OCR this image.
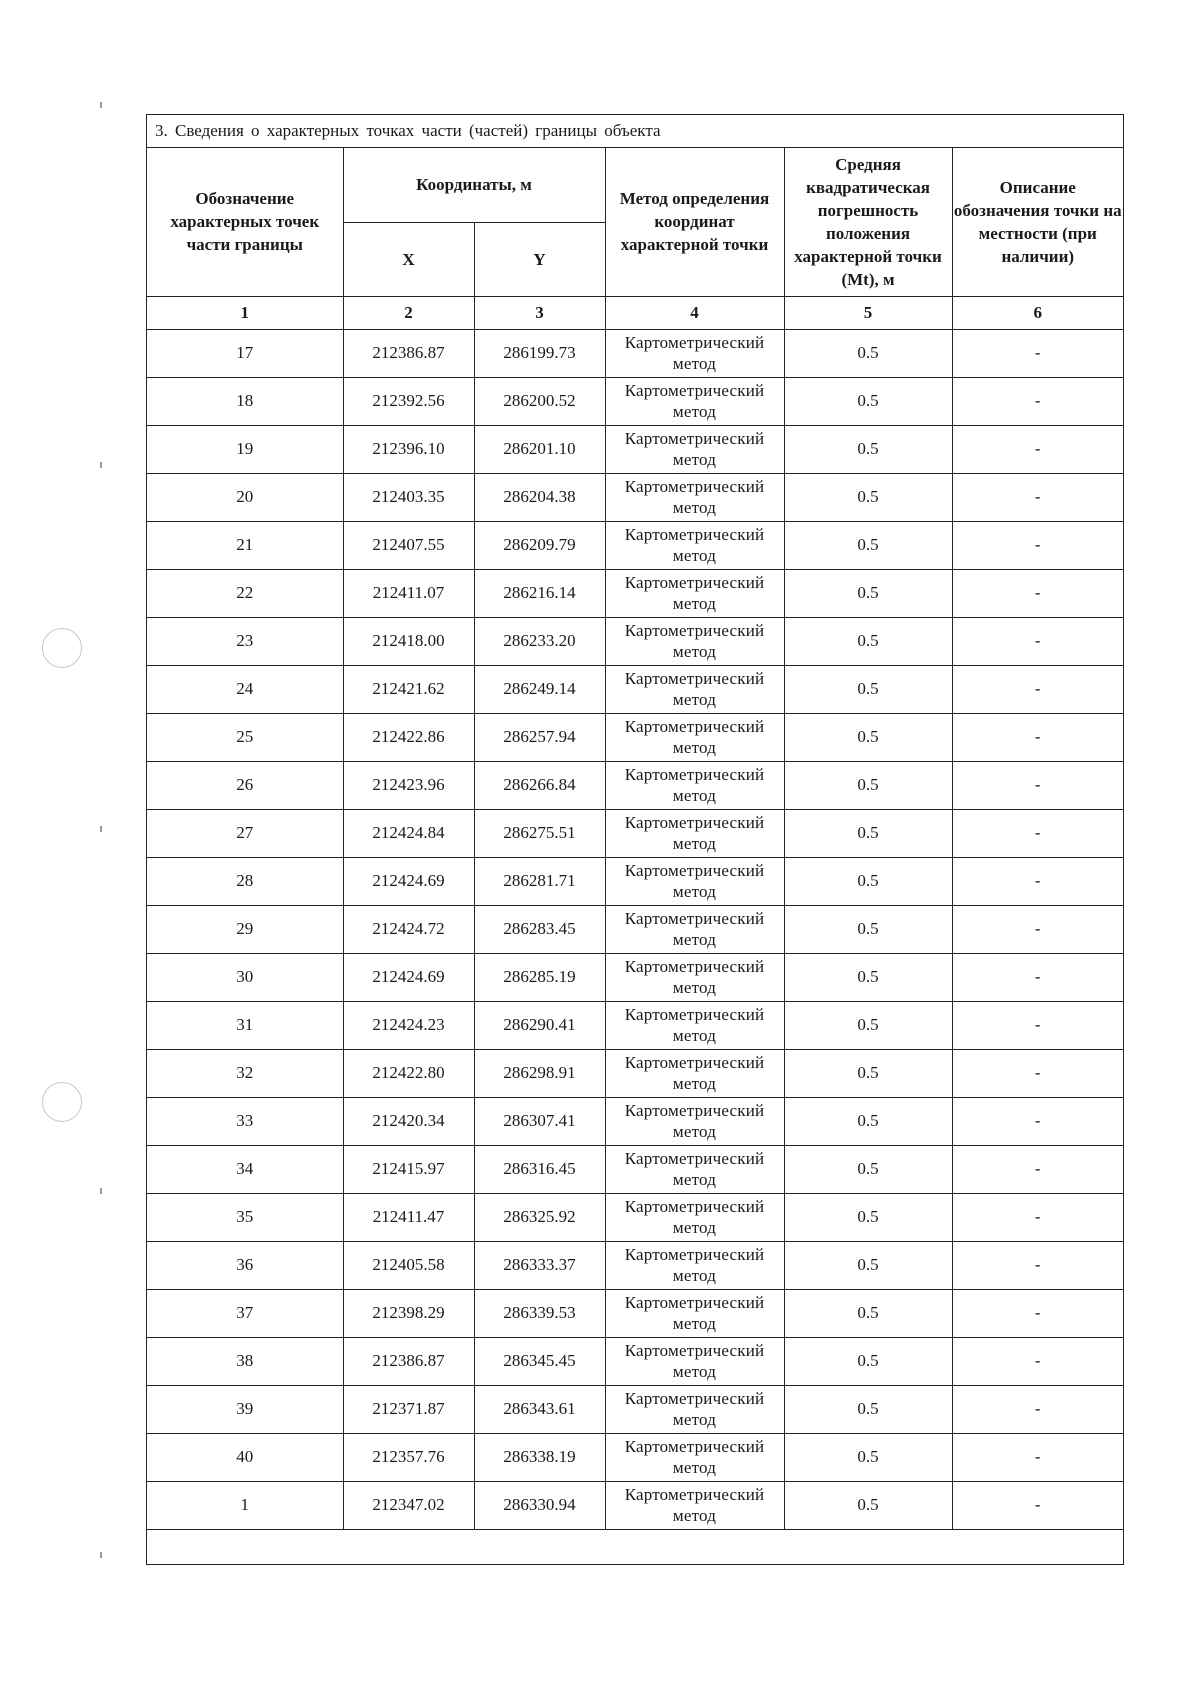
3. Сведения о характерных точках части (частей) границы объекта
Обозначение характерных точек части границы	Координаты, м		Метод определения координат характерной точки	Средняя квадратическая погрешность положения характерной точки (Mt), м	Описание обозначения точки на местности (при наличии)
	X	Y			
1	2	3	4	5	6
17	212386.87	286199.73	Картометрический метод	0.5	-
18	212392.56	286200.52	Картометрический метод	0.5	-
19	212396.10	286201.10	Картометрический метод	0.5	-
20	212403.35	286204.38	Картометрический метод	0.5	-
21	212407.55	286209.79	Картометрический метод	0.5	-
22	212411.07	286216.14	Картометрический метод	0.5	-
23	212418.00	286233.20	Картометрический метод	0.5	-
24	212421.62	286249.14	Картометрический метод	0.5	-
25	212422.86	286257.94	Картометрический метод	0.5	-
26	212423.96	286266.84	Картометрический метод	0.5	-
27	212424.84	286275.51	Картометрический метод	0.5	-
28	212424.69	286281.71	Картометрический метод	0.5	-
29	212424.72	286283.45	Картометрический метод	0.5	-
30	212424.69	286285.19	Картометрический метод	0.5	-
31	212424.23	286290.41	Картометрический метод	0.5	-
32	212422.80	286298.91	Картометрический метод	0.5	-
33	212420.34	286307.41	Картометрический метод	0.5	-
34	212415.97	286316.45	Картометрический метод	0.5	-
35	212411.47	286325.92	Картометрический метод	0.5	-
36	212405.58	286333.37	Картометрический метод	0.5	-
37	212398.29	286339.53	Картометрический метод	0.5	-
38	212386.87	286345.45	Картометрический метод	0.5	-
39	212371.87	286343.61	Картометрический метод	0.5	-
40	212357.76	286338.19	Картометрический метод	0.5	-
1	212347.02	286330.94	Картометрический метод	0.5	-
